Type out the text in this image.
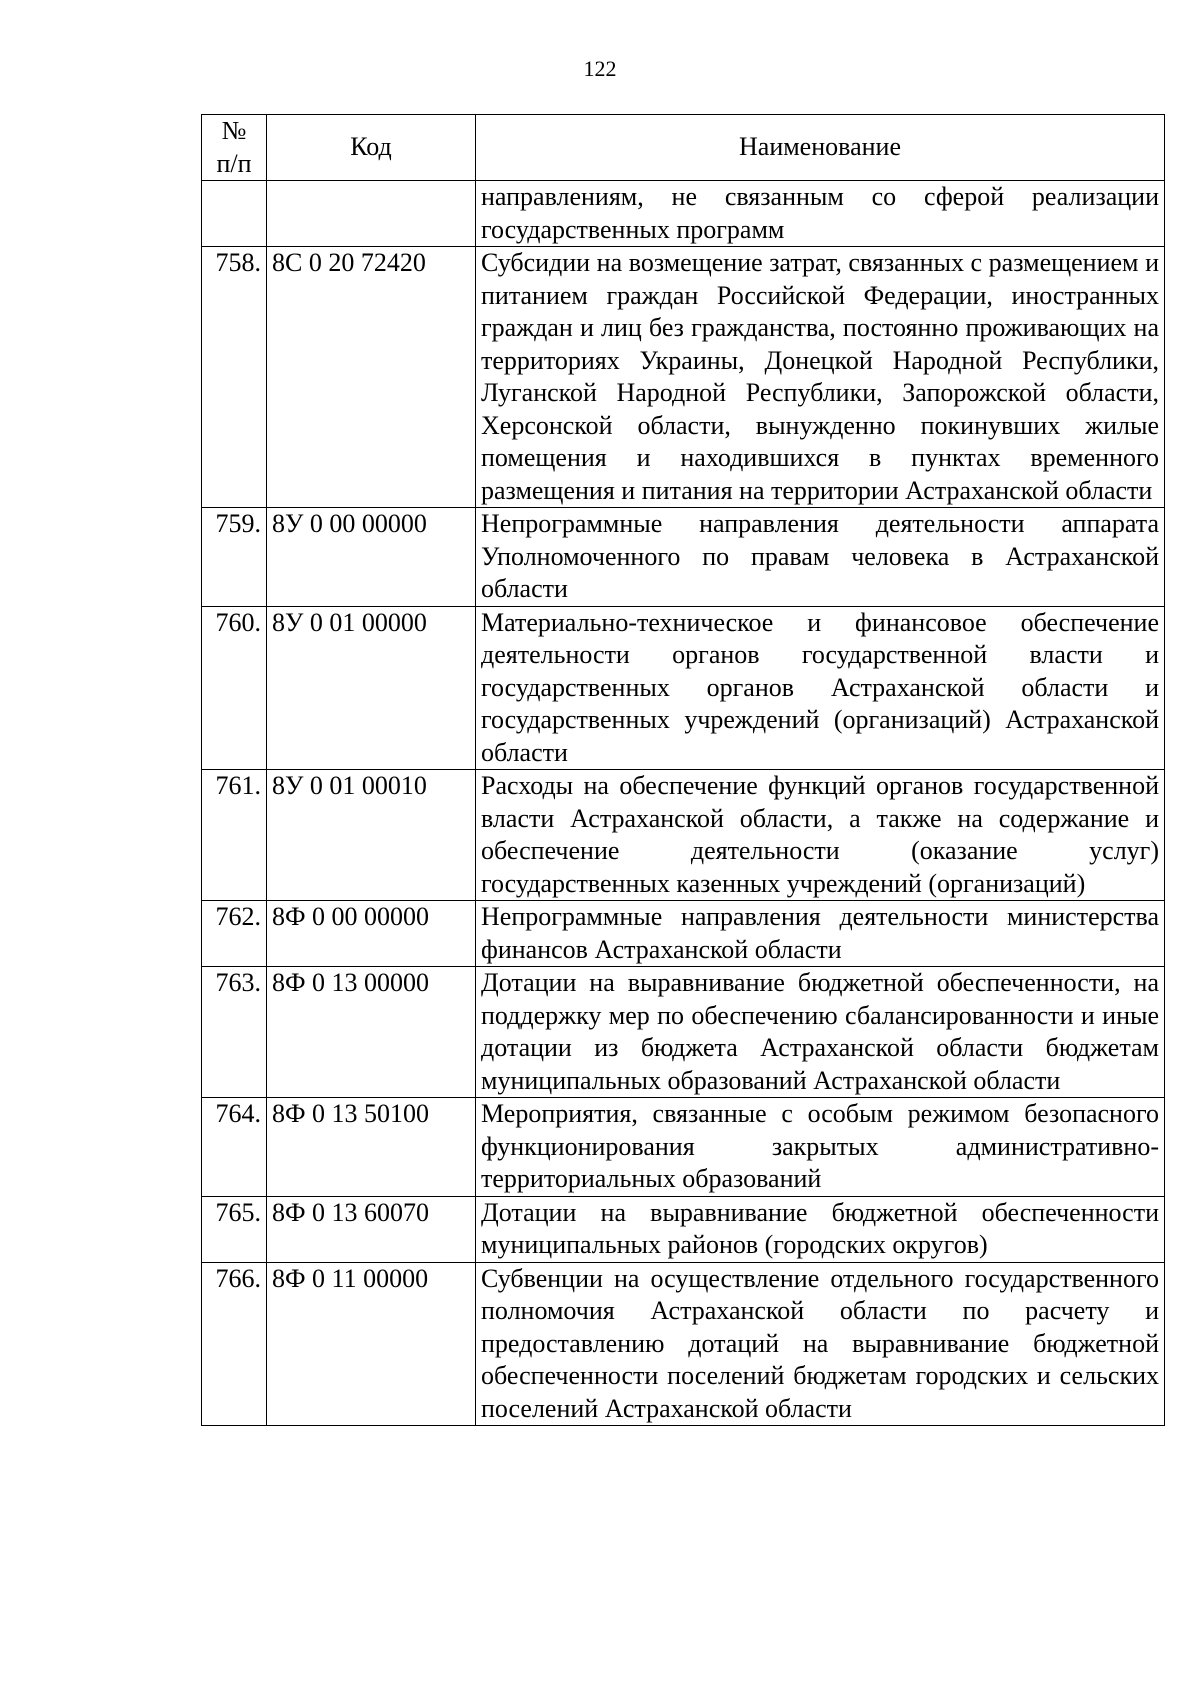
122
№
п/п	Код	Наименование
		направлениям, не связанным со сферой реализации государственных программ
758.	8С 0 20 72420	Субсидии на возмещение затрат, связанных с размещением и питанием граждан Российской Федерации, иностранных граждан и лиц без гражданства, постоянно проживающих на территориях Украины, Донецкой Народной Республики, Луганской Народной Республики, Запорожской области, Херсонской области, вынужденно покинувших жилые помещения и находившихся в пунктах временного размещения и питания на территории Астраханской области
759.	8У 0 00 00000	Непрограммные направления деятельности аппарата Уполномоченного по правам человека в Астраханской области
760.	8У 0 01 00000	Материально-техническое и финансовое обеспечение деятельности органов государственной власти и государственных органов Астраханской области и государственных учреждений (организаций) Астраханской области
761.	8У 0 01 00010	Расходы на обеспечение функций органов государственной власти Астраханской области, а также на содержание и обеспечение деятельности (оказание услуг) государственных казенных учреждений (организаций)
762.	8Ф 0 00 00000	Непрограммные направления деятельности министерства финансов Астраханской области
763.	8Ф 0 13 00000	Дотации на выравнивание бюджетной обеспеченности, на поддержку мер по обеспечению сбалансированности и иные дотации из бюджета Астраханской области бюджетам муниципальных образований Астраханской области
764.	8Ф 0 13 50100	Мероприятия, связанные с особым режимом безопасного функционирования закрытых административно-территориальных образований
765.	8Ф 0 13 60070	Дотации на выравнивание бюджетной обеспеченности муниципальных районов (городских округов)
766.	8Ф 0 11 00000	Субвенции на осуществление отдельного государственного полномочия Астраханской области по расчету и предоставлению дотаций на выравнивание бюджетной обеспеченности поселений бюджетам городских и сельских поселений Астраханской области
